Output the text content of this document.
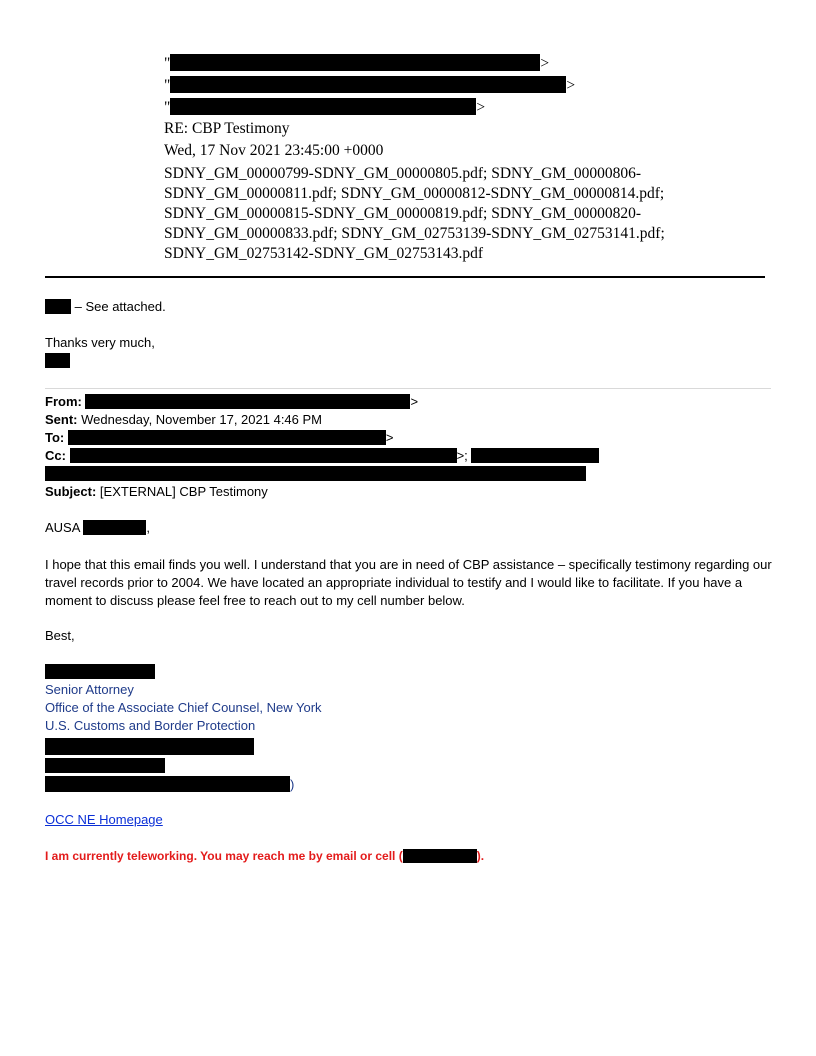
"	>
"	>
"	>
RE: CBP Testimony
Wed, 17 Nov 2021 23:45:00 +0000
SDNY_GM_00000799-SDNY_GM_00000805.pdf; SDNY_GM_00000806-SDNY_GM_00000811.pdf; SDNY_GM_00000812-SDNY_GM_00000814.pdf; SDNY_GM_00000815-SDNY_GM_00000819.pdf; SDNY_GM_00000820-SDNY_GM_00000833.pdf; SDNY_GM_02753139-SDNY_GM_02753141.pdf; SDNY_GM_02753142-SDNY_GM_02753143.pdf
– See attached.
Thanks very much,
From:	>
Sent: Wednesday, November 17, 2021 4:46 PM
To:	>
Cc:	>;
Subject: [EXTERNAL] CBP Testimony
AUSA	,
I hope that this email finds you well. I understand that you are in need of CBP assistance – specifically testimony regarding our travel records prior to 2004. We have located an appropriate individual to testify and I would like to facilitate. If you have a moment to discuss please feel free to reach out to my cell number below.
Best,
Senior Attorney
Office of the Associate Chief Counsel, New York
U.S. Customs and Border Protection
)
OCC NE Homepage
I am currently teleworking. You may reach me by email or cell (	).
